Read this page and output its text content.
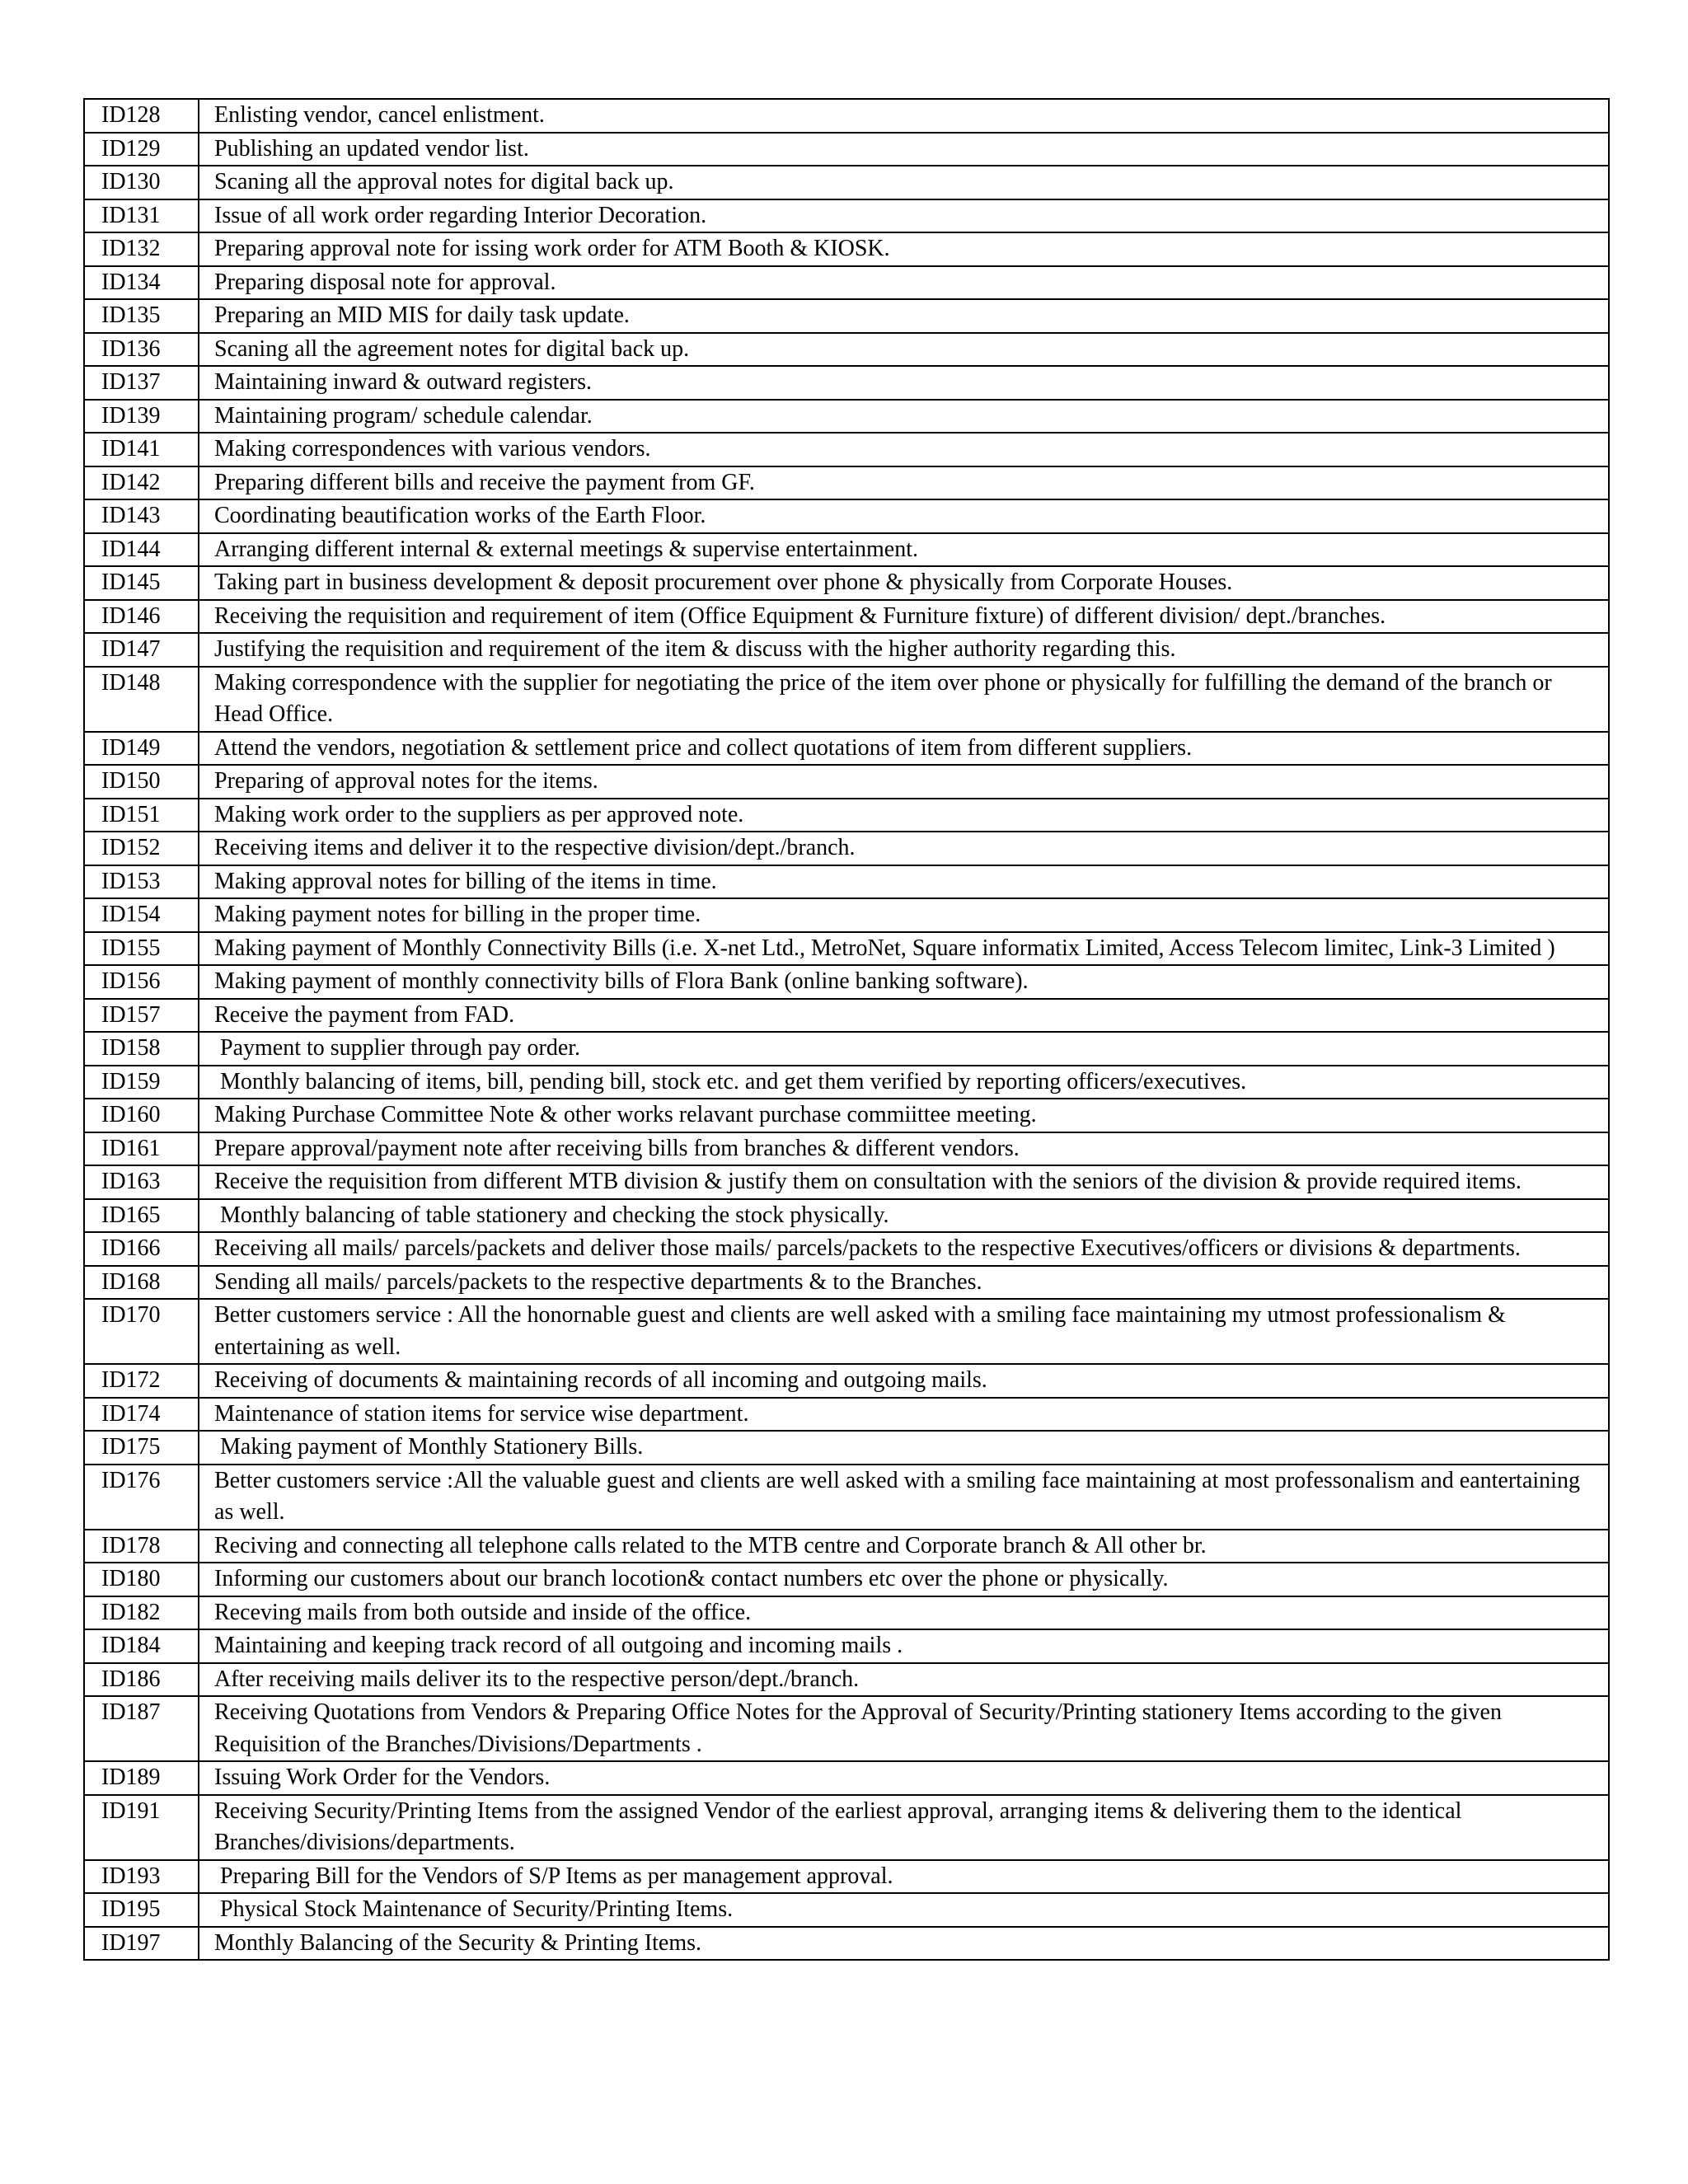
ID128	Enlisting vendor, cancel enlistment.
ID129	Publishing an updated vendor list.
ID130	Scaning all the approval notes for digital back up.
ID131	Issue of all work order regarding Interior Decoration.
ID132	Preparing approval note for issing work order for ATM Booth & KIOSK.
ID134	Preparing disposal note for approval.
ID135	Preparing an MID MIS for daily task update.
ID136	Scaning all the agreement notes for digital back up.
ID137	Maintaining inward & outward registers.
ID139	Maintaining program/ schedule calendar.
ID141	Making correspondences with various vendors.
ID142	Preparing different bills and receive the payment from GF.
ID143	Coordinating beautification works of the Earth Floor.
ID144	Arranging different internal & external meetings & supervise entertainment.
ID145	Taking part in business development & deposit procurement over phone & physically from Corporate Houses.
ID146	Receiving the requisition and requirement of item (Office Equipment & Furniture fixture) of different division/ dept./branches.
ID147	Justifying the requisition and requirement of the item & discuss with the higher authority regarding this.
ID148	Making correspondence with the supplier for negotiating the price of the item over phone or physically for fulfilling the demand of the branch or Head Office.
ID149	Attend the vendors, negotiation & settlement price and collect quotations of item from different suppliers.
ID150	Preparing of approval notes for the items.
ID151	Making work order to the suppliers as per approved note.
ID152	Receiving items and deliver it to the respective division/dept./branch.
ID153	Making approval notes for billing of the items in time.
ID154	Making payment notes for billing in the proper time.
ID155	Making payment of Monthly Connectivity Bills (i.e. X-net Ltd., MetroNet, Square informatix Limited, Access Telecom limitec, Link-3 Limited )
ID156	Making payment of monthly connectivity bills of Flora Bank (online banking software).
ID157	Receive the payment from FAD.
ID158	Payment to supplier through pay order.
ID159	Monthly balancing of items, bill, pending bill, stock etc. and get them verified by reporting officers/executives.
ID160	Making Purchase Committee Note & other works relavant purchase commiittee meeting.
ID161	Prepare approval/payment note after receiving bills from branches & different vendors.
ID163	Receive the requisition from different MTB division & justify them on consultation with the seniors of the division & provide required items.
ID165	Monthly balancing of table stationery and checking the stock physically.
ID166	Receiving all mails/ parcels/packets and deliver those mails/ parcels/packets to the respective Executives/officers or divisions & departments.
ID168	Sending all mails/ parcels/packets to the respective departments & to the Branches.
ID170	Better customers service : All the honornable guest and clients are well asked with a smiling face maintaining my utmost professionalism & entertaining as well.
ID172	Receiving of documents & maintaining records of all incoming and outgoing mails.
ID174	Maintenance of station items for service wise department.
ID175	Making payment of Monthly Stationery Bills.
ID176	Better customers service :All the valuable guest and clients are well asked with a smiling face maintaining at most professonalism and eantertaining as well.
ID178	Reciving and connecting all telephone calls related to the MTB centre and Corporate branch & All other br.
ID180	Informing our customers about our branch locotion& contact numbers etc over the phone or physically.
ID182	Receving mails from both outside and inside of the office.
ID184	Maintaining and keeping track record of all outgoing and incoming mails .
ID186	After receiving mails deliver its to the respective person/dept./branch.
ID187	Receiving Quotations from Vendors & Preparing Office Notes for the Approval of Security/Printing stationery Items according to the given Requisition of the Branches/Divisions/Departments .
ID189	Issuing Work Order for the Vendors.
ID191	Receiving Security/Printing Items from the assigned Vendor of the earliest approval, arranging items & delivering them to the identical Branches/divisions/departments.
ID193	Preparing Bill for the Vendors of S/P Items as per management approval.
ID195	Physical Stock Maintenance of Security/Printing Items.
ID197	Monthly Balancing of the Security & Printing Items.
